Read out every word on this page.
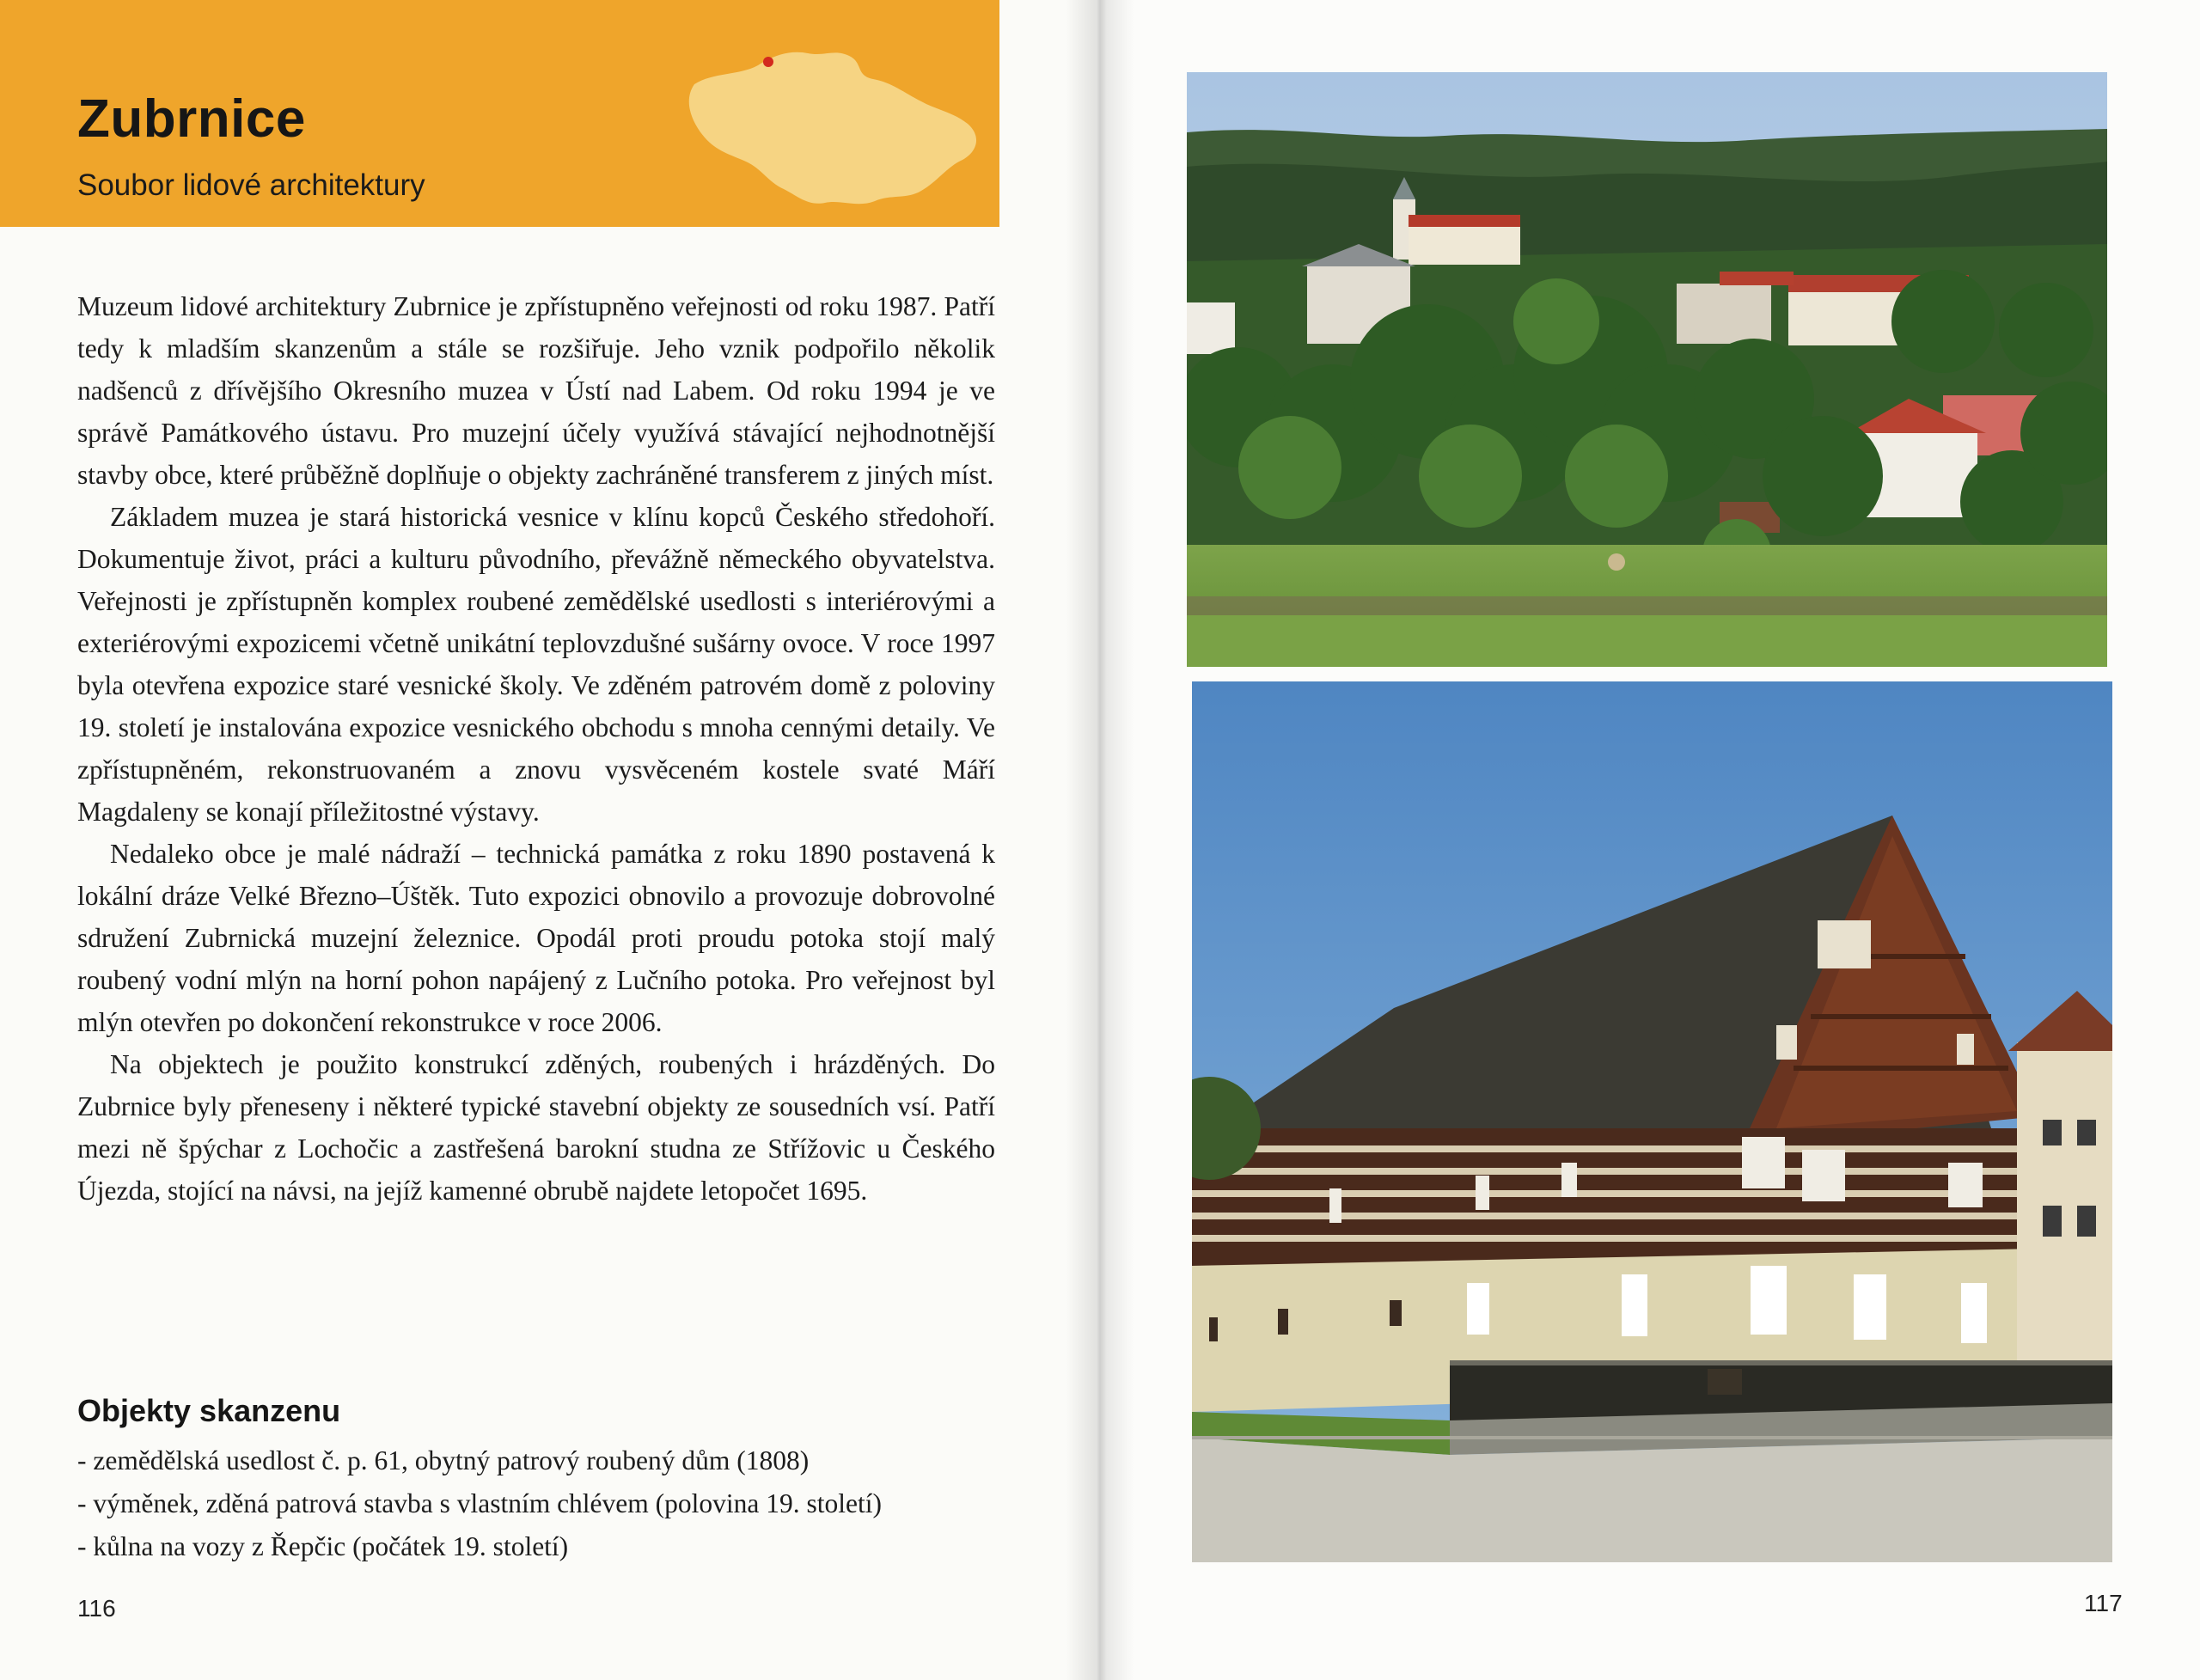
Zubrnice
Soubor lidové architektury

Muzeum lidové architektury Zubrnice je zpřístupněno veřejnosti od roku 1987. Patří tedy k mladším skanzenům a stále se rozšiřuje. Jeho vznik podpořilo několik nadšenců z dřívějšího Okresního muzea v Ústí nad Labem. Od roku 1994 je ve správě Památkového ústavu. Pro muzejní účely využívá stávající nejhodnotnější stavby obce, které průběžně doplňuje o objekty zachráněné transferem z jiných míst.

Základem muzea je stará historická vesnice v klínu kopců Českého středohoří. Dokumentuje život, práci a kulturu původního, převážně německého obyvatelstva. Veřejnosti je zpřístupněn komplex roubené zemědělské usedlosti s interiérovými a exteriérovými expozicemi včetně unikátní teplovzdušné sušárny ovoce. V roce 1997 byla otevřena expozice staré vesnické školy. Ve zděném patrovém domě z poloviny 19. století je instalována expozice vesnického obchodu s mnoha cennými detaily. Ve zpřístupněném, rekonstruovaném a znovu vysvěceném kostele svaté Máří Magdaleny se konají příležitostné výstavy.

Nedaleko obce je malé nádraží – technická památka z roku 1890 postavená k lokální dráze Velké Březno–Úštěk. Tuto expozici obnovilo a provozuje dobrovolné sdružení Zubrnická muzejní železnice. Opodál proti proudu potoka stojí malý roubený vodní mlýn na horní pohon napájený z Lučního potoka. Pro veřejnost byl mlýn otevřen po dokončení rekonstrukce v roce 2006.

Na objektech je použito konstrukcí zděných, roubených i hrázděných. Do Zubrnice byly přeneseny i některé typické stavební objekty ze sousedních vsí. Patří mezi ně špýchar z Lochočic a zastřešená barokní studna ze Střížovic u Českého Újezda, stojící na návsi, na jejíž kamenné obrubě najdete letopočet 1695.

Objekty skanzenu
- zemědělská usedlost č. p. 61, obytný patrový roubený dům (1808)
- výměnek, zděná patrová stavba s vlastním chlévem (polovina 19. století)
- kůlna na vozy z Řepčic (počátek 19. století)
116	117
